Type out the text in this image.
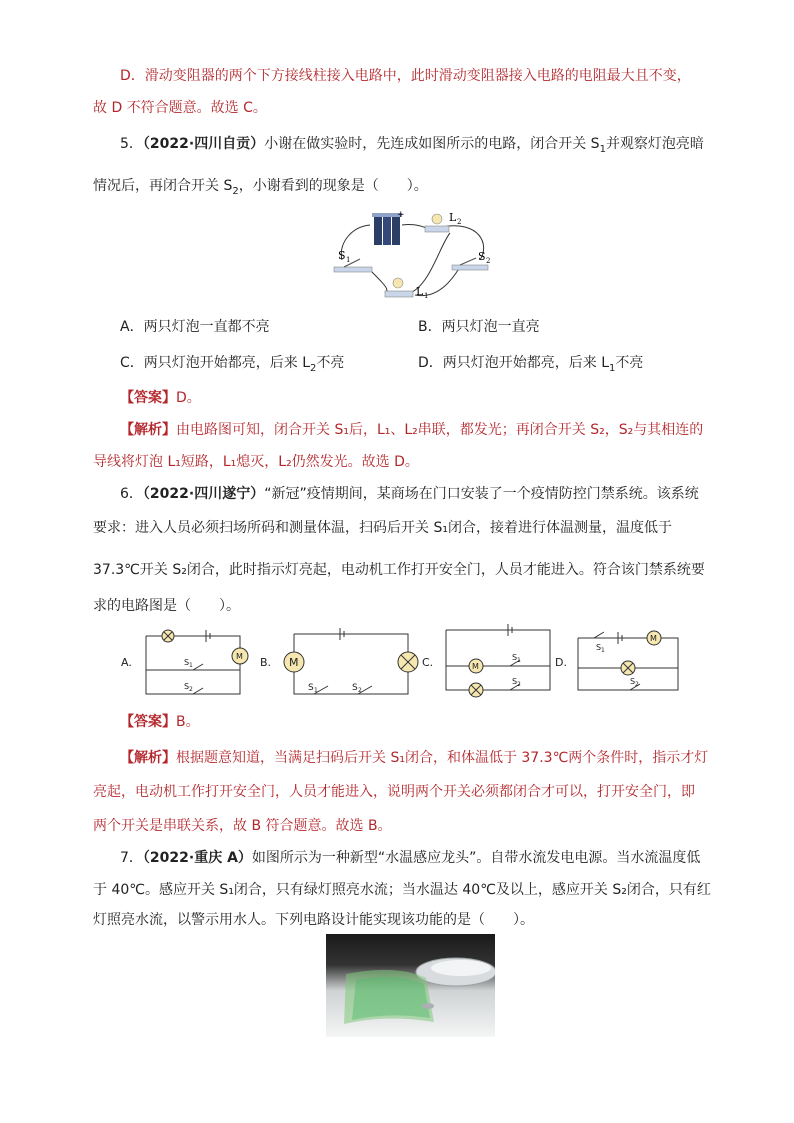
D．滑动变阻器的两个下方接线柱接入电路中，此时滑动变阻器接入电路的电阻最大且不变，
故 D 不符合题意。故选 C。
5．（2022·四川自贡）小谢在做实验时，先连成如图所示的电路，闭合开关 $S_1$并观察灯泡亮暗
情况后，再闭合开关 $S_2$，小谢看到的现象是（　　）。
+	L 2
S 1	S 2
L 1
A．两只灯泡一直都不亮	B．两只灯泡一直亮
C．两只灯泡开始都亮，后来 $L_2$不亮	D．两只灯泡开始都亮，后来 $L_1$不亮
【答案】D。
【解析】由电路图可知，闭合开关 S₁后，L₁、L₂串联，都发光；再闭合开关 S₂，S₂与其相连的
导线将灯泡 L₁短路，L₁熄灭，L₂仍然发光。故选 D。
6．（2022·四川遂宁）“新冠”疫情期间，某商场在门口安装了一个疫情防控门禁系统。该系统
要求：进入人员必须扫场所码和测量体温，扫码后开关 S₁闭合，接着进行体温测量，温度低于
37.3℃开关 S₂闭合，此时指示灯亮起，电动机工作打开安全门，人员才能进入。符合该门禁系统要
求的电路图是（　　）。
A.	B.	C.	D.
M
S 1
S 2
M
S 1	S 2
M
S 1
S 2
M
S 1
S 2
【答案】B。
【解析】根据题意知道，当满足扫码后开关 S₁闭合，和体温低于 37.3℃两个条件时，指示才灯
亮起，电动机工作打开安全门，人员才能进入，说明两个开关必须都闭合才可以，打开安全门，即
两个开关是串联关系，故 B 符合题意。故选 B。
7．（2022·重庆 A）如图所示为一种新型“水温感应龙头”。自带水流发电电源。当水流温度低
于 40℃。感应开关 S₁闭合，只有绿灯照亮水流；当水温达 40℃及以上，感应开关 S₂闭合，只有红
灯照亮水流，以警示用水人。下列电路设计能实现该功能的是（　　）。
